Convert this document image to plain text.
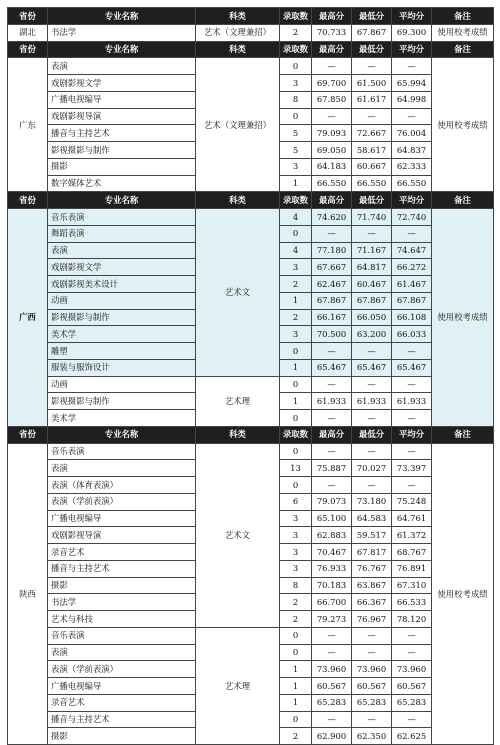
省份	专业名称	科类	录取数	最高分	最低分	平均分	备注
湖北	书法学	艺术（文理兼招）	2	70.733	67.867	69.300	使用校考成绩
省份	专业名称	科类	录取数	最高分	最低分	平均分	备注
广东	表演	艺术（文理兼招）	0	—	—	—	使用校考成绩
	戏剧影视文学		3	69.700	61.500	65.994	
	广播电视编导		8	67.850	61.617	64.998	
	戏剧影视导演		0	—	—	—	
	播音与主持艺术		5	79.093	72.667	76.004	
	影视摄影与制作		5	69.050	58.617	64.837	
	摄影		3	64.183	60.667	62.333	
	数字媒体艺术		1	66.550	66.550	66.550	
省份	专业名称	科类	录取数	最高分	最低分	平均分	备注
广西	音乐表演	艺术文	4	74.620	71.740	72.740	使用校考成绩
	舞蹈表演		0	—	—	—	
	表演		4	77.180	71.167	74.647	
	戏剧影视文学		3	67.667	64.817	66.272	
	戏剧影视美术设计		2	62.467	60.467	61.467	
	动画		1	67.867	67.867	67.867	
	影视摄影与制作		2	66.167	66.050	66.108	
	美术学		3	70.500	63.200	66.033	
	雕塑		0	—	—	—	
	服装与服饰设计		1	65.467	65.467	65.467	
	动画	艺术理	0	—	—	—	
	影视摄影与制作		1	61.933	61.933	61.933	
	美术学		0	—	—	—	
省份	专业名称	科类	录取数	最高分	最低分	平均分	备注
陕西	音乐表演	艺术文	0	—	—	—	使用校考成绩
	表演		13	75.887	70.027	73.397	
	表演（体育表演）		0	—	—	—	
	表演（学前表演）		6	79.073	73.180	75.248	
	广播电视编导		3	65.100	64.583	64.761	
	戏剧影视导演		3	62.883	59.517	61.372	
	录音艺术		3	70.467	67.817	68.767	
	播音与主持艺术		3	76.933	76.767	76.891	
	摄影		8	70.183	63.867	67.310	
	书法学		2	66.700	66.367	66.533	
	艺术与科技		2	79.273	76.967	78.120	
	音乐表演	艺术理	0	—	—	—	
	表演		0	—	—	—	
	表演（学前表演）		1	73.960	73.960	73.960	
	广播电视编导		1	60.567	60.567	60.567	
	录音艺术		1	65.283	65.283	65.283	
	播音与主持艺术		0	—	—	—	
	摄影		2	62.900	62.350	62.625	
